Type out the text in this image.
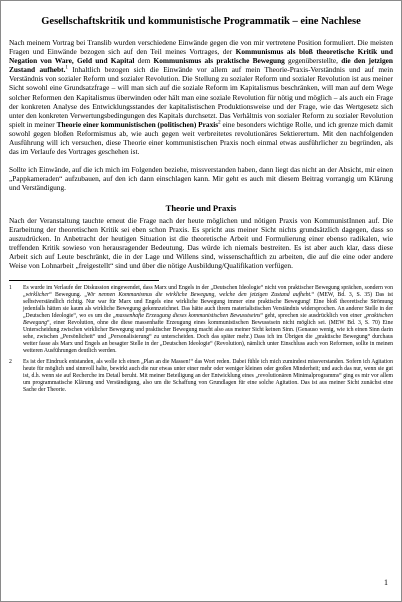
Gesellschaftskritik und kommunistische Programmatik – eine Nachlese

Nach meinem Vortrag bei Translib wurden verschiedene Einwände gegen die von mir vertretene Position formuliert. Die meisten Fragen und Einwände bezogen sich auf den Teil meines Vortrages, der Kommunismus als bloß theoretische Kritik und Negation von Ware, Geld und Kapital dem Kommunismus als praktische Bewegung gegenüberstellte, die den jetzigen Zustand aufhebt.$^1$ Inhaltlich bezogen sich die Einwände vor allem auf mein Theorie-Praxis-Verständnis und auf mein Verständnis von sozialer Reform und sozialer Revolution. Die Stellung zu sozialer Reform und sozialer Revolution ist aus meiner Sicht sowohl eine Grundsatzfrage – will man sich auf die soziale Reform im Kapitalismus beschränken, will man auf dem Wege solcher Reformen den Kapitalismus überwinden oder hält man eine soziale Revolution für nötig und möglich – als auch ein Frage der konkreten Analyse des Entwicklungsstandes der kapitalistischen Produktionsweise und der Frage, wie das Wertgesetz sich unter den konkreten Verwertungsbedingungen des Kapitals durchsetzt. Das Verhältnis von sozialer Reform zu sozialer Revolution spielt in meiner Theorie einer kommunistischen (politischen) Praxis$^2$ eine besonders wichtige Rolle, und ich grenze mich damit sowohl gegen bloßen Reformismus ab, wie auch gegen weit verbreitetes revolutionäres Sektierertum. Mit den nachfolgenden Ausführung will ich versuchen, diese Theorie einer kommunistischen Praxis noch einmal etwas ausführlicher zu begründen, als das im Verlaufe des Vortrages geschehen ist.

Sollte ich Einwände, auf die ich mich im Folgenden beziehe, missverstanden haben, dann liegt das nicht an der Absicht, mir einen „Pappkameraden“ aufzubauen, auf den ich dann einschlagen kann. Mir geht es auch mit diesem Beitrag vorrangig um Klärung und Verständigung.

Theorie und Praxis

Nach der Veranstaltung tauchte erneut die Frage nach der heute möglichen und nötigen Praxis von KommunistInnen auf. Die Erarbeitung der theoretischen Kritik sei eben schon Praxis. Es spricht aus meiner Sicht nichts grundsätzlich dagegen, dass so auszudrücken. In Anbetracht der heutigen Situation ist die theoretische Arbeit und Formulierung einer ebenso radikalen, wie treffenden Kritik sowieso von herausragender Bedeutung. Das würde ich niemals bestreiten. Es ist aber auch klar, dass diese Arbeit sich auf Leute beschränkt, die in der Lage und Willens sind, wissenschaftlich zu arbeiten, die auf die eine oder andere Weise von Lohnarbeit „freigestellt“ sind und über die nötige Ausbildung/Qualifikation verfügen.

1	Es wurde im Verlaufe der Diskussion eingewendet, dass Marx und Engels in der „Deutschen Ideologie“ nicht von praktischer Bewegung sprächen, sondern von „wirklicher“ Bewegung. „Wir nennen Kommunismus die wirkliche Bewegung, welche den jetzigen Zustand aufhebt.“ (MEW, Bd. 3, S. 35) Das ist selbstverständlich richtig. Nur war für Marx und Engels eine wirkliche Bewegung immer eine praktische Bewegung! Eine bloß theoretische Strömung jedenfalls hätten sie kaum als wirkliche Bewegung gekennzeichnet. Das hätte auch ihrem materialistischen Verständnis widersprochen. An anderer Stelle in der „Deutschen Ideologie“, wo es um die „massenhafte Erzeugung dieses kommunistischen Bewusstseins“ geht, sprechen sie ausdrücklich von einer „praktischen Bewegung“, einer Revolution, ohne die diese massenhafte Erzeugung eines kommunistischen Bewusstsein nicht möglich sei. (MEW Bd. 3, S. 70) Eine Unterscheidung zwischen wirklicher Bewegung und praktischer Bewegung macht also aus meiner Sicht keinen Sinn. (Genauso wenig, wie ich einen Sinn darin sehe, zwischen „Persönlicheit“ und „Personalisierung“ zu unterscheiden. Doch das später mehr.) Dass ich im Übrigen die „praktische Bewegung“ durchaus weiter fasse als Marx und Engels an besagter Stelle in der „Deutschen Ideologie“ (Revolution), nämlich unter Einschluss auch von Reformen, sollte in meinen weiteren Ausführungen deutlich werden.
2	Es ist der Eindruck entstanden, als wolle ich einen „Plan an die Massen!“ das Wort reden. Dabei fühle ich mich zumindest missverstanden. Sofern ich Agitation heute für möglich und sinnvoll halte, bewirkt auch die nur etwas unter einer mehr oder weniger kleinen oder großen Minderheit; und auch das nur, wenn sie gut ist, d.h. wenn sie auf Recherche im Detail beruht. Mit meiner Beteiligung an der Entwicklung eines „revolutionären Minimalprogramms“ ging es mir vor allem um programmatische Klärung und Verständigung, also um die Schaffung von Grundlagen für eine solche Agitation. Das ist aus meiner Sicht zunächst eine Sache der Theorie.
1
